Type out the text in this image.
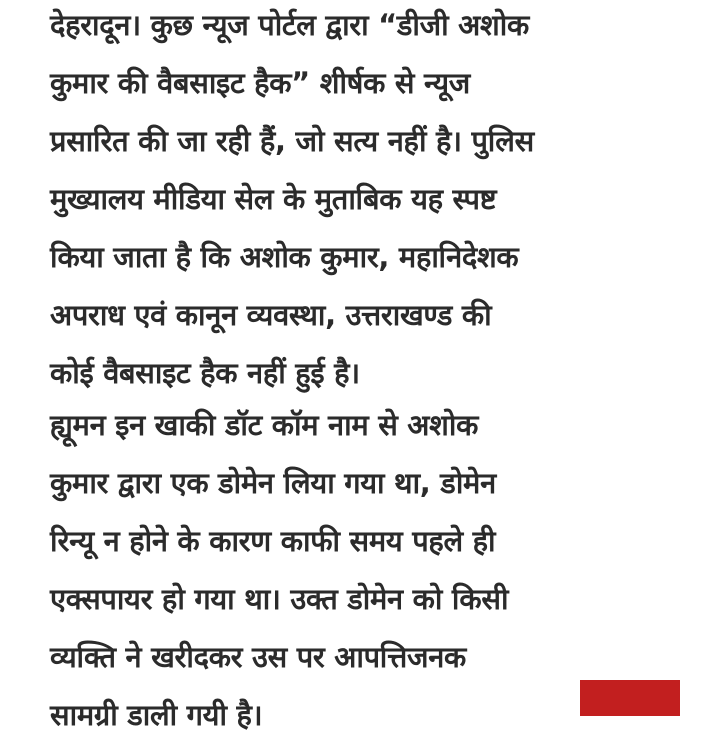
देहरादून। कुछ न्यूज पोर्टल द्वारा “डीजी अशोक
कुमार की वैबसाइट हैक” शीर्षक से न्यूज
प्रसारित की जा रही हैं, जो सत्य नहीं है। पुलिस
मुख्यालय मीडिया सेल के मुताबिक यह स्पष्ट
किया जाता है कि अशोक कुमार, महानिदेशक
अपराध एवं कानून व्यवस्था, उत्तराखण्ड की
कोई वैबसाइट हैक नहीं हुई है।

ह्यूमन इन खाकी डॉट कॉम नाम से अशोक
कुमार द्वारा एक डोमेन लिया गया था, डोमेन
रिन्यू न होने के कारण काफी समय पहले ही
एक्सपायर हो गया था। उक्त डोमेन को किसी
व्यक्ति ने खरीदकर उस पर आपत्तिजनक
सामग्री डाली गयी है।
